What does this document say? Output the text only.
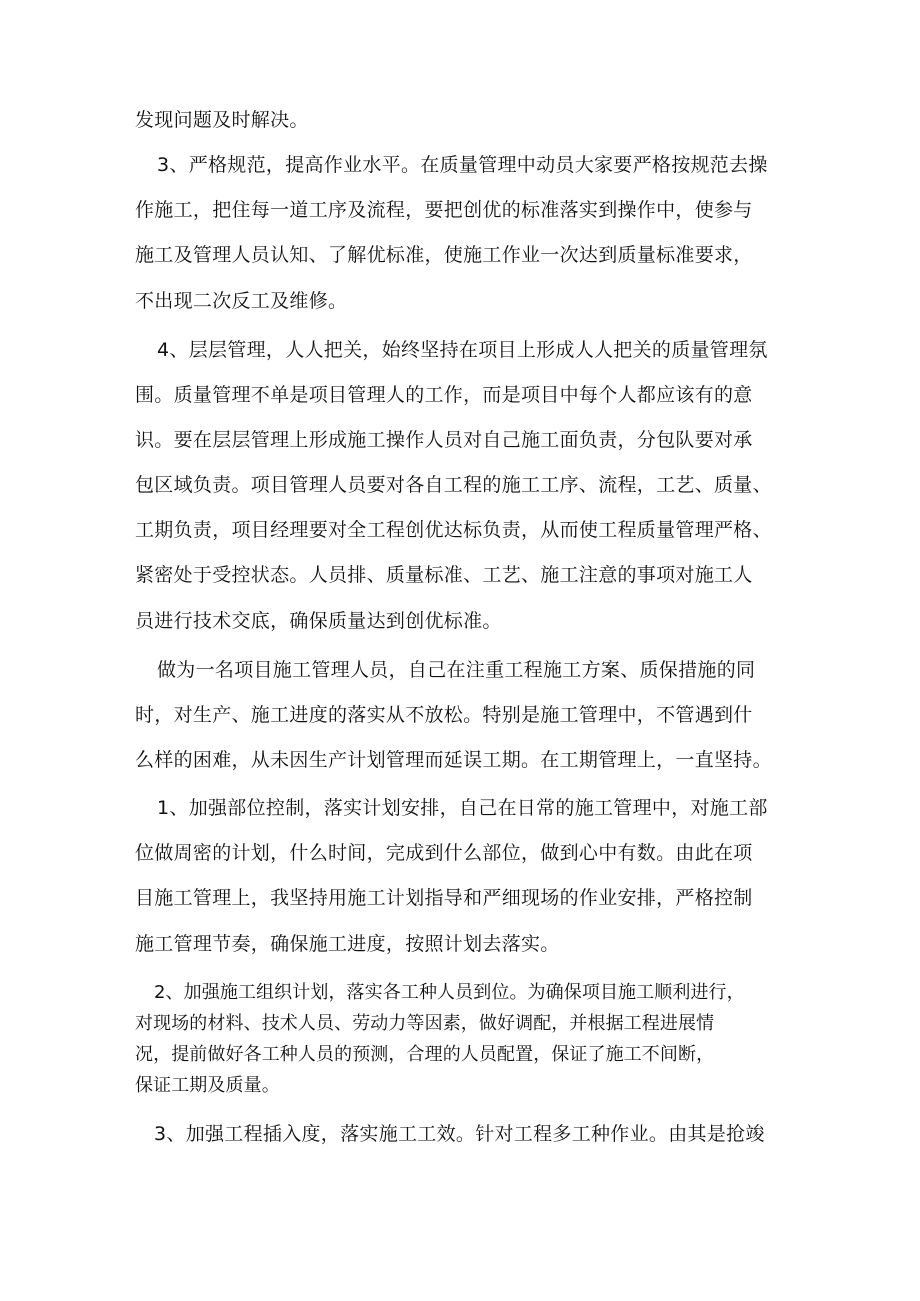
发现问题及时解决。
3、严格规范，提高作业水平。在质量管理中动员大家要严格按规范去操
作施工，把住每一道工序及流程，要把创优的标准落实到操作中，使参与
施工及管理人员认知、了解优标准，使施工作业一次达到质量标准要求，
不出现二次反工及维修。
4、层层管理，人人把关，始终坚持在项目上形成人人把关的质量管理氛
围。质量管理不单是项目管理人的工作，而是项目中每个人都应该有的意
识。要在层层管理上形成施工操作人员对自己施工面负责，分包队要对承
包区域负责。项目管理人员要对各自工程的施工工序、流程，工艺、质量、
工期负责，项目经理要对全工程创优达标负责，从而使工程质量管理严格、
紧密处于受控状态。人员排、质量标准、工艺、施工注意的事项对施工人
员进行技术交底，确保质量达到创优标准。
做为一名项目施工管理人员，自己在注重工程施工方案、质保措施的同
时，对生产、施工进度的落实从不放松。特别是施工管理中，不管遇到什
么样的困难，从未因生产计划管理而延误工期。在工期管理上，一直坚持。
1、加强部位控制，落实计划安排，自己在日常的施工管理中，对施工部
位做周密的计划，什么时间，完成到什么部位，做到心中有数。由此在项
目施工管理上，我坚持用施工计划指导和严细现场的作业安排，严格控制
施工管理节奏，确保施工进度，按照计划去落实。
2、加强施工组织计划，落实各工种人员到位。为确保项目施工顺利进行，
对现场的材料、技术人员、劳动力等因素，做好调配，并根据工程进展情
况，提前做好各工种人员的预测，合理的人员配置，保证了施工不间断，
保证工期及质量。
3、加强工程插入度，落实施工工效。针对工程多工种作业。由其是抢竣
